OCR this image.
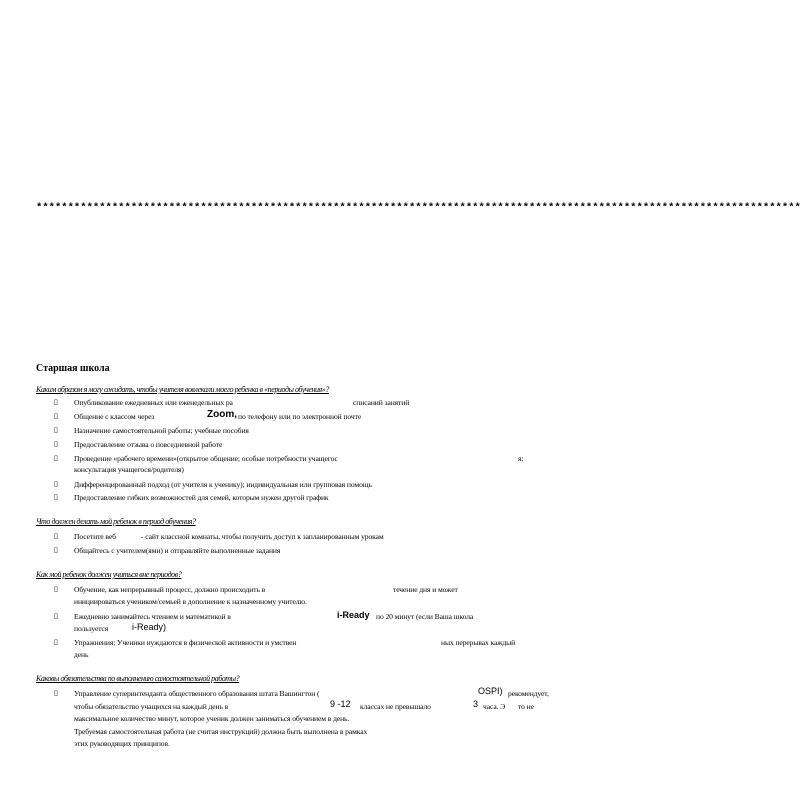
*************************************************************************************************************************
Старшая школа
Каким образом я могу ожидать, чтобы учителя вовлекали моего ребенка в «периоды обучения»?
▯ Опубликование ежедневных или еженедельных ра	списаний занятий
▯ Общение с классом через	Zoom, по телефону или по электронной почте
▯ Назначение самостоятельной работы; учебные пособия
▯ Предоставление отзыва о повседневной работе
▯ Проведение «рабочего времени»(открытое общение; особые потребности учащегос	я;
консультация учащегося/родителя)
▯ Дифференцированный подход (от учителя к ученику); индивидуальная или групповая помощь
▯ Предоставление гибких возможностей для семей, которым нужен другой график
Что должен делать мой ребенок в период обучения?
▯ Посетите веб	- сайт классной комнаты, чтобы получить доступ к запланированным урокам
▯ Общайтесь с учителем(ями) и отправляйте выполненные задания
Как мой ребенок должен учиться вне периодов?
▯ Обучение, как непрерывный процесс, должно происходить в	течение дня и может
инициироваться учеником/семьей в дополнение к назначенному учителю.
▯ Ежедневно занимайтесь чтением и математикой в	i-Ready по 20 минут (если Ваша школа
пользуется	i-Ready)
▯ Упражнения; Ученики нуждаются в физической активности и умствен	ных перерывах каждый
день
Каковы обязательства по выполнению самостоятельной работы?
▯ Управление суперинтенданта общественного образования штата Вашингтон (	OSPI) рекомендует,
чтобы обязательство учащихся на каждый день в	9 -12 классах не превышало	3 часа. Э то не
максимальное количество минут, которое ученик должен заниматься обучением в день.
Требуемая самостоятельная работа (не считая инструкций) должна быть выполнена в рамках
этих руководящих принципов.
